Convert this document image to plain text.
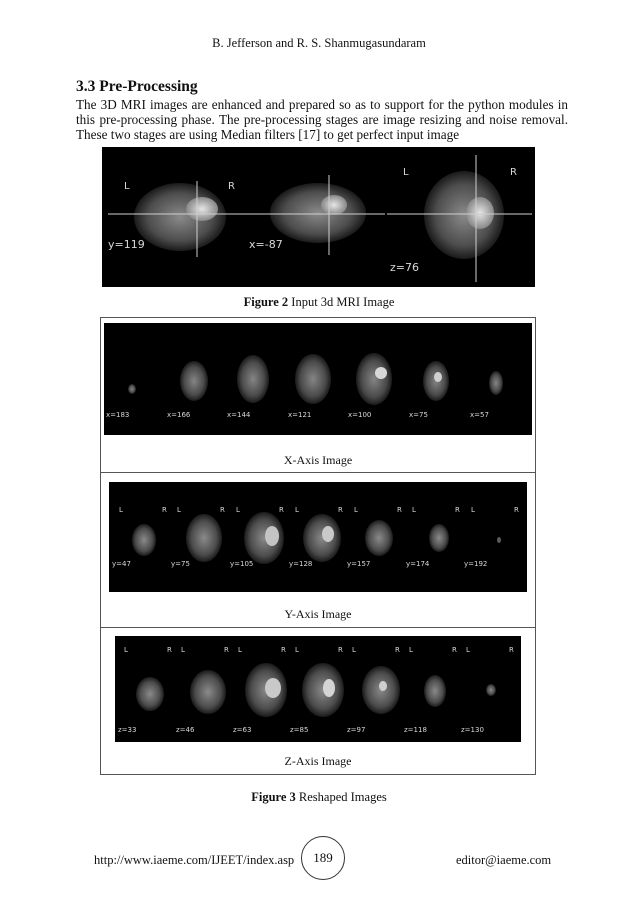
B. Jefferson and R. S. Shanmugasundaram
3.3 Pre-Processing
The 3D MRI images are enhanced and prepared so as to support for the python modules in this pre-processing phase. The pre-processing stages are image resizing and noise removal. These two stages are using Median filters [17] to get perfect input image
L	R
y=119	x=-87
L	R
z=76
Figure 2 Input 3d MRI Image
x=183	x=166	x=144	x=121	x=100	x=75	x=57
X-Axis Image
L	R L	R L	R L	R L	R L	R L	R
y=47	y=75	y=105	y=128	y=157	y=174	y=192
Y-Axis Image
L	R L	R L	R L	R L	R L	R L	R
z=33	z=46	z=63	z=85	z=97	z=118	z=130
Z-Axis Image
Figure 3 Reshaped Images
http://www.iaeme.com/IJEET/index.asp	189	editor@iaeme.com
